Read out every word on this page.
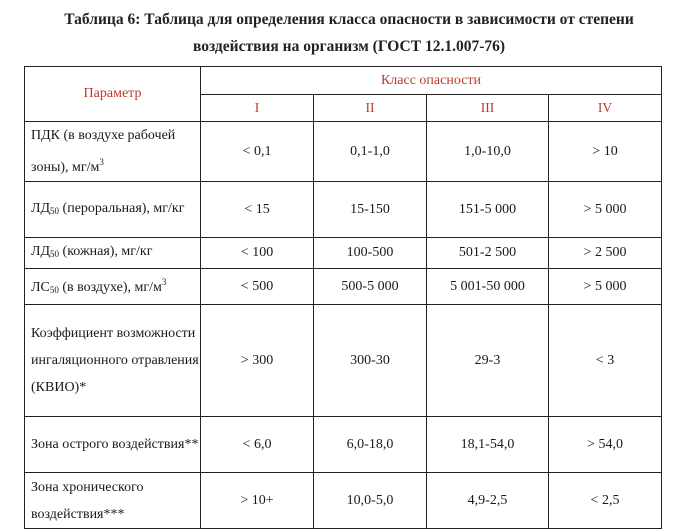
Таблица 6: Таблица для определения класса опасности в зависимости от степени
воздействия на организм (ГОСТ 12.1.007-76)
Параметр	Класс опасности			
	I	II	III	IV
ПДК (в воздухе рабочей зоны), $мг/м^3$	< 0,1	0,1-1,0	1,0-10,0	> 10
$ЛД_{50}$ (пероральная), мг/кг	< 15	15-150	151-5 000	> 5 000
$ЛД_{50}$ (кожная), мг/кг	< 100	100-500	501-2 500	> 2 500
$ЛС_{50}$ (в воздухе), $мг/м^3$	< 500	500-5 000	5 001-50 000	> 5 000
Коэффициент возможности ингаляционного отравления (КВИО)*	> 300	300-30	29-3	< 3
Зона острого воздействия**	< 6,0	6,0-18,0	18,1-54,0	> 54,0
Зона хронического воздействия***	> 10+	10,0-5,0	4,9-2,5	< 2,5
